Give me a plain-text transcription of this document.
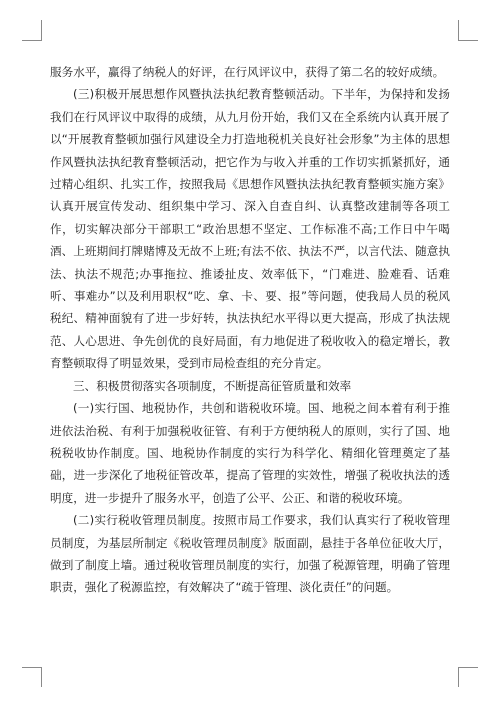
服务水平，赢得了纳税人的好评，在行风评议中，获得了第二名的较好成绩。

(三)积极开展思想作风暨执法执纪教育整顿活动。下半年，为保持和发扬我们在行风评议中取得的成绩，从九月份开始，我们又在全系统内认真开展了以“开展教育整顿加强行风建设全力打造地税机关良好社会形象”为主体的思想作风暨执法执纪教育整顿活动，把它作为与收入并重的工作切实抓紧抓好，通过精心组织、扎实工作，按照我局《思想作风暨执法执纪教育整顿实施方案》认真开展宣传发动、组织集中学习、深入自查自纠、认真整改建制等各项工作，切实解决部分干部职工“政治思想不坚定、工作标准不高;工作日中午喝酒、上班期间打牌赌博及无故不上班;有法不依、执法不严，以言代法、随意执法、执法不规范;办事拖拉、推诿扯皮、效率低下，“门难进、脸难看、话难听、事难办”以及利用职权“吃、拿、卡、要、报”等问题，使我局人员的税风税纪、精神面貌有了进一步好转，执法执纪水平得以更大提高，形成了执法规范、人心思进、争先创优的良好局面，有力地促进了税收收入的稳定增长，教育整顿取得了明显效果，受到市局检查组的充分肯定。

三、积极贯彻落实各项制度，不断提高征管质量和效率

(一)实行国、地税协作，共创和谐税收环境。国、地税之间本着有利于推进依法治税、有利于加强税收征管、有利于方便纳税人的原则，实行了国、地税税收协作制度。国、地税协作制度的实行为科学化、精细化管理奠定了基础，进一步深化了地税征管改革，提高了管理的实效性，增强了税收执法的透明度，进一步提升了服务水平，创造了公平、公正、和谐的税收环境。

(二)实行税收管理员制度。按照市局工作要求，我们认真实行了税收管理员制度，为基层所制定《税收管理员制度》版面副，悬挂于各单位征收大厅，做到了制度上墙。通过税收管理员制度的实行，加强了税源管理，明确了管理职责，强化了税源监控，有效解决了“疏于管理、淡化责任”的问题。
